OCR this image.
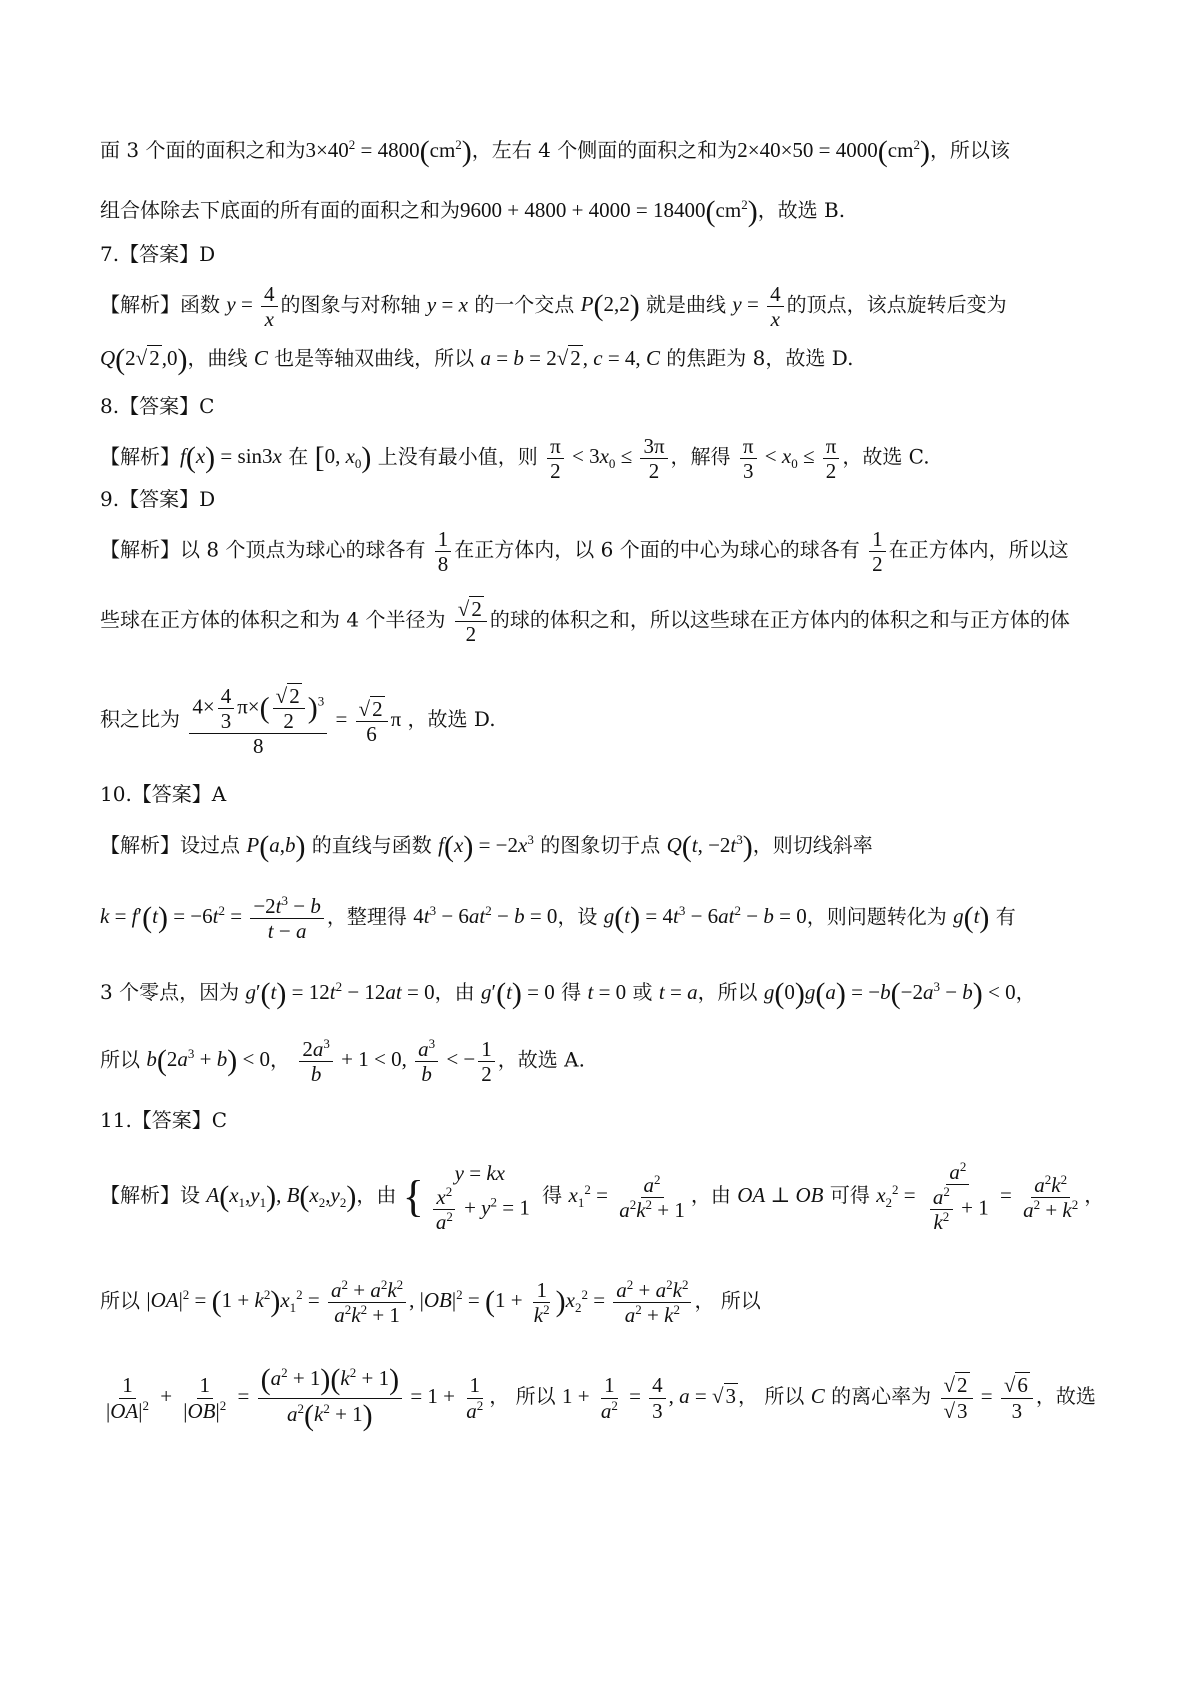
面 3 个面的面积之和为$3\times 40^2 = 4800(cm^2)$，左右 4 个侧面的面积之和为$2\times 40\times 50 = 4000(cm^2)$，所以该
组合体除去下底面的所有面的面积之和为$9600 + 4800 + 4000 = 18400(cm^2)$，故选 B.
7.【答案】D
【解析】函数 $y = \frac{4}{x}$ 的图象与对称轴 y = x 的一个交点 P(2,2) 就是曲线 $y = \frac{4}{x}$ 的顶点，该点旋转后变为
Q(2√2,0)，曲线 C 也是等轴双曲线，所以 a = b = 2√2, c = 4, C 的焦距为 8，故选 D.
8.【答案】C
【解析】f(x) = sin3x 在 [0, $x_0$) 上没有最小值，则 $\frac{\pi}{2} < 3x_0 \le \frac{3\pi}{2}$ ，解得 $\frac{\pi}{3} < x_0 \le \frac{\pi}{2}$ ，故选 C.
9.【答案】D
【解析】以 8 个顶点为球心的球各有 $\frac{1}{8}$ 在正方体内，以 6 个面的中心为球心的球各有 $\frac{1}{2}$ 在正方体内，所以这
些球在正方体的体积之和为 4 个半径为 $\frac{√2}{2}$ 的球的体积之和，所以这些球在正方体内的体积之和与正方体的体
积之比为 $\frac{4\times \frac{4}{3} \pi\times( \frac{√2}{2} )^3}{8} = \frac{√2}{6}$ π ，故选 D.
10.【答案】A
【解析】设过点 P(a,b) 的直线与函数 $f(x) = -2x^3$ 的图象切于点 Q(t, $-2t^3$)，则切线斜率
$k = f'(t) = -6t^2 = \frac{-2t^3 - b}{t - a}$ ，整理得 $4t^3 - 6at^2 - b = 0$，设 $g(t) = 4t^3 - 6at^2 - b = 0$，则问题转化为 g(t) 有
3 个零点，因为 $g'(t) = 12t^2 - 12at = 0$，由 g′(t) = 0 得 t = 0 或 t = a，所以 $g(0)g(a) = -b(-2a^3 - b) < 0$，
所以 $b(2a^3 + b) < 0$， $\frac{2a^3}{b} + 1 < 0$, $\frac{a^3}{b}$ < − $\frac{1}{2}$ ，故选 A.
11.【答案】C
【解析】设 $A(x_1,y_1)$, $B(x_2,y_2)$，由 { y = kx
$\frac{x^2}{a^2} + y^2 = 1$
得 $x_1^2 = \frac{a^2}{a^2k^2 + 1}$ ，由 OA ⊥ OB 可得 $x_2^2 = \frac{a^2}{\frac{a^2}{k^2} + 1} = \frac{a^2k^2}{a^2 + k^2}$ ，
所以 $|OA|^2 = (1 + k^2)x_1^2 = \frac{a^2 + a^2k^2}{a^2k^2 + 1}$ , $|OB|^2 = (1 + \frac{1}{k^2} )x_2^2 = \frac{a^2 + a^2k^2}{a^2 + k^2}$ ， 所以
$\frac{1}{|OA|^2} + \frac{1}{|OB|^2} = \frac{(a^2 + 1)(k^2 + 1)}{a^2(k^2 + 1)} = 1 + \frac{1}{a^2}$ ， 所以 $1 + \frac{1}{a^2} = \frac{4}{3}$ , a = √3 ， 所以 C 的离心率为 $\frac{√2}{√3} = \frac{√6}{3}$ ，故选
